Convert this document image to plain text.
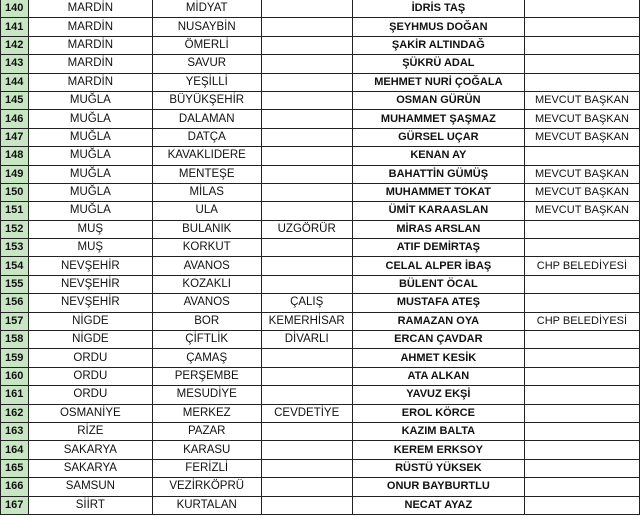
140	MARDİN	MİDYAT		İDRİS TAŞ	
141	MARDİN	NUSAYBİN		ŞEYHMUS DOĞAN	
142	MARDİN	ÖMERLİ		ŞAKİR ALTINDAĞ	
143	MARDİN	SAVUR		ŞÜKRÜ ADAL	
144	MARDİN	YEŞİLLİ		MEHMET NURİ ÇOĞALA	
145	MUĞLA	BÜYÜKŞEHİR		OSMAN GÜRÜN	MEVCUT BAŞKAN
146	MUĞLA	DALAMAN		MUHAMMET ŞAŞMAZ	MEVCUT BAŞKAN
147	MUĞLA	DATÇA		GÜRSEL UÇAR	MEVCUT BAŞKAN
148	MUĞLA	KAVAKLIDERE		KENAN AY	
149	MUĞLA	MENTEŞE		BAHATTİN GÜMÜŞ	MEVCUT BAŞKAN
150	MUĞLA	MİLAS		MUHAMMET TOKAT	MEVCUT BAŞKAN
151	MUĞLA	ULA		ÜMİT KARAASLAN	MEVCUT BAŞKAN
152	MUŞ	BULANIK	UZGÖRÜR	MİRAS ARSLAN	
153	MUŞ	KORKUT		ATIF DEMİRTAŞ	
154	NEVŞEHİR	AVANOS		CELAL ALPER İBAŞ	CHP BELEDİYESİ
155	NEVŞEHİR	KOZAKLI		BÜLENT ÖCAL	
156	NEVŞEHİR	AVANOS	ÇALIŞ	MUSTAFA ATEŞ	
157	NİGDE	BOR	KEMERHİSAR	RAMAZAN OYA	CHP BELEDİYESİ
158	NİGDE	ÇİFTLİK	DİVARLI	ERCAN ÇAVDAR	
159	ORDU	ÇAMAŞ		AHMET KESİK	
160	ORDU	PERŞEMBE		ATA ALKAN	
161	ORDU	MESUDİYE		YAVUZ EKŞİ	
162	OSMANİYE	MERKEZ	CEVDETİYE	EROL KÖRCE	
163	RİZE	PAZAR		KAZIM BALTA	
164	SAKARYA	KARASU		KEREM ERKSOY	
165	SAKARYA	FERİZLİ		RÜSTÜ YÜKSEK	
166	SAMSUN	VEZİRKÖPRÜ		ONUR BAYBURTLU	
167	SİİRT	KURTALAN		NECAT AYAZ	
